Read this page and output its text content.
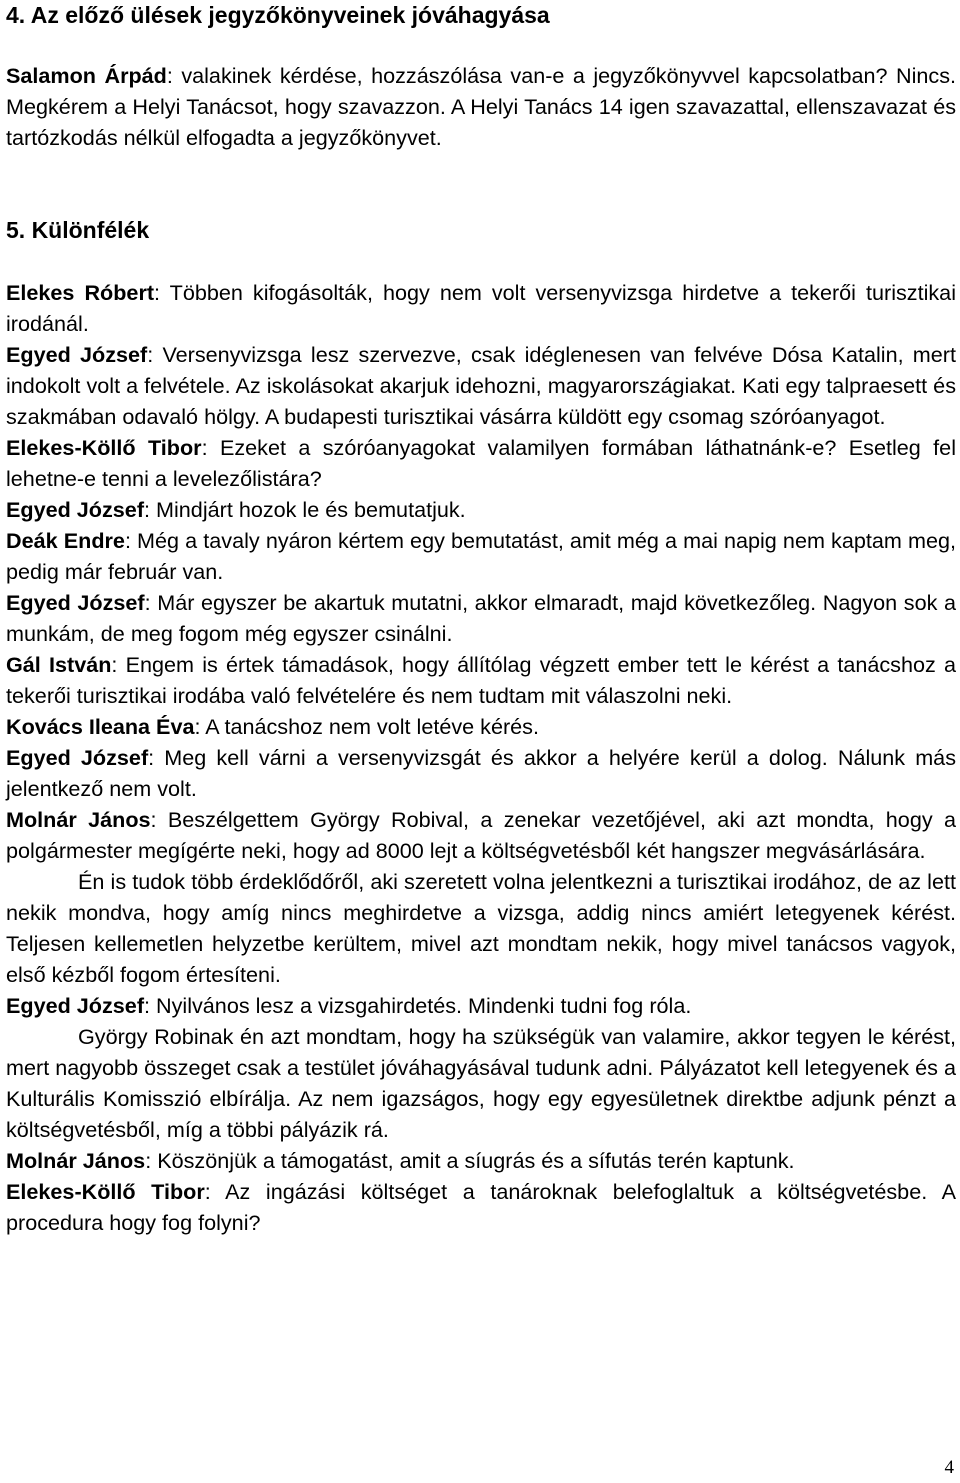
4. Az előző ülések jegyzőkönyveinek jóváhagyása

Salamon Árpád: valakinek kérdése, hozzászólása van-e a jegyzőkönyvvel kapcsolatban? Nincs. Megkérem a Helyi Tanácsot, hogy szavazzon. A Helyi Tanács 14 igen szavazattal, ellenszavazat és tartózkodás nélkül elfogadta a jegyzőkönyvet.

5. Különfélék

Elekes Róbert: Többen kifogásolták, hogy nem volt versenyvizsga hirdetve a tekerői turisztikai irodánál.

Egyed József: Versenyvizsga lesz szervezve, csak idéglenesen van felvéve Dósa Katalin, mert indokolt volt a felvétele. Az iskolásokat akarjuk idehozni, magyarországiakat. Kati egy talpraesett és szakmában odavaló hölgy. A budapesti turisztikai vásárra küldött egy csomag szóróanyagot.

Elekes-Köllő Tibor: Ezeket a szóróanyagokat valamilyen formában láthatnánk-e? Esetleg fel lehetne-e tenni a levelezőlistára?

Egyed József: Mindjárt hozok le és bemutatjuk.

Deák Endre: Még a tavaly nyáron kértem egy bemutatást, amit még a mai napig nem kaptam meg, pedig már február van.

Egyed József: Már egyszer be akartuk mutatni, akkor elmaradt, majd következőleg. Nagyon sok a munkám, de meg fogom még egyszer csinálni.

Gál István: Engem is értek támadások, hogy állítólag végzett ember tett le kérést a tanácshoz a tekerői turisztikai irodába való felvételére és nem tudtam mit válaszolni neki.

Kovács Ileana Éva: A tanácshoz nem volt letéve kérés.

Egyed József: Meg kell várni a versenyvizsgát és akkor a helyére kerül a dolog. Nálunk más jelentkező nem volt.

Molnár János: Beszélgettem György Robival, a zenekar vezetőjével, aki azt mondta, hogy a polgármester megígérte neki, hogy ad 8000 lejt a költségvetésből két hangszer megvásárlására.

Én is tudok több érdeklődőről, aki szeretett volna jelentkezni a turisztikai irodához, de az lett nekik mondva, hogy amíg nincs meghirdetve a vizsga, addig nincs amiért letegyenek kérést. Teljesen kellemetlen helyzetbe kerültem, mivel azt mondtam nekik, hogy mivel tanácsos vagyok, első kézből fogom értesíteni.

Egyed József: Nyilvános lesz a vizsgahirdetés. Mindenki tudni fog róla.

György Robinak én azt mondtam, hogy ha szükségük van valamire, akkor tegyen le kérést, mert nagyobb összeget csak a testület jóváhagyásával tudunk adni. Pályázatot kell letegyenek és a Kulturális Komisszió elbírálja. Az nem igazságos, hogy egy egyesületnek direktbe adjunk pénzt a költségvetésből, míg a többi pályázik rá.

Molnár János: Köszönjük a támogatást, amit a síugrás és a sífutás terén kaptunk.

Elekes-Köllő Tibor: Az ingázási költséget a tanároknak belefoglaltuk a költségvetésbe. A procedura hogy fog folyni?

4
